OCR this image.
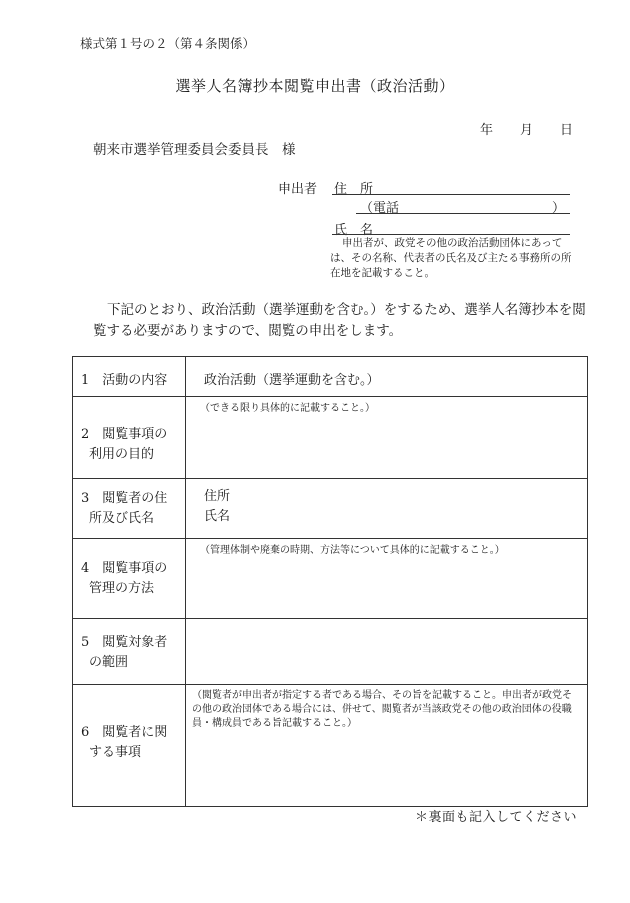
様式第１号の２（第４条関係）
選挙人名簿抄本閲覧申出書（政治活動）
年 月 日
朝来市選挙管理委員会委員長　様
申出者 住　所
（電話	）
氏　名
申出者が、政党その他の政治活動団体にあっては、その名称、代表者の氏名及び主たる事務所の所在地を記載すること。
下記のとおり、政治活動（選挙運動を含む。）をするため、選挙人名簿抄本を閲覧する必要がありますので、閲覧の申出をします。
1　活動の内容	政治活動（選挙運動を含む。）

2　閲覧事項の
利用の目的	（できる限り具体的に記載すること。）

3　閲覧者の住
所及び氏名	住所
氏名

4　閲覧事項の
管理の方法	（管理体制や廃棄の時期、方法等について具体的に記載すること。）

5　閲覧対象者
の範囲	

6　閲覧者に関
する事項	（閲覧者が申出者が指定する者である場合、その旨を記載すること。申出者が政党その他の政治団体である場合には、併せて、閲覧者が当該政党その他の政治団体の役職員・構成員である旨記載すること。）
＊裏面も記入してください
